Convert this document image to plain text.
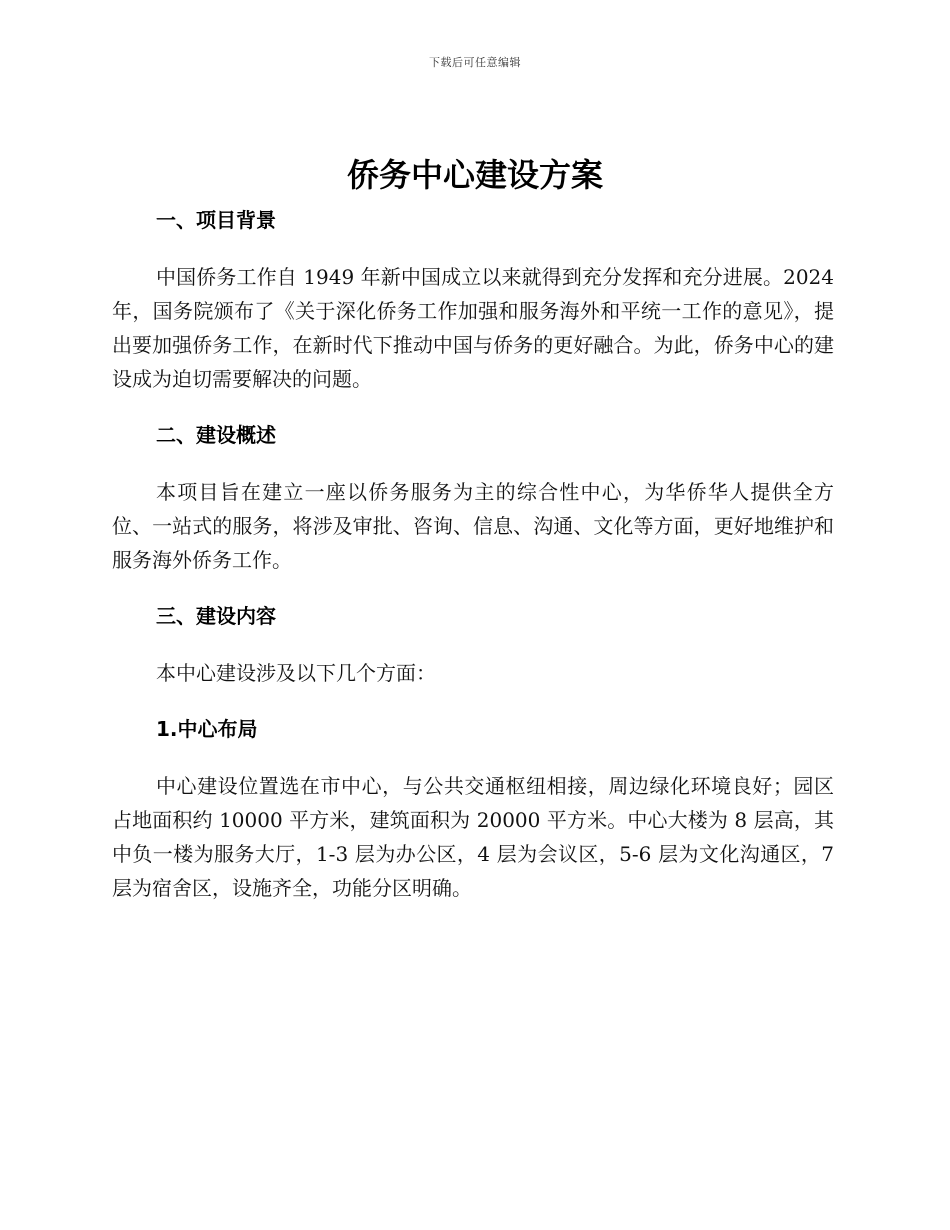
下载后可任意编辑
侨务中心建设方案
一、项目背景

中国侨务工作自 1949 年新中国成立以来就得到充分发挥和充分进展。2024 年，国务院颁布了《关于深化侨务工作加强和服务海外和平统一工作的意见》，提出要加强侨务工作，在新时代下推动中国与侨务的更好融合。为此，侨务中心的建设成为迫切需要解决的问题。

二、建设概述

本项目旨在建立一座以侨务服务为主的综合性中心，为华侨华人提供全方位、一站式的服务，将涉及审批、咨询、信息、沟通、文化等方面，更好地维护和服务海外侨务工作。

三、建设内容

本中心建设涉及以下几个方面：

1.中心布局

中心建设位置选在市中心，与公共交通枢纽相接，周边绿化环境良好；园区占地面积约 10000 平方米，建筑面积为 20000 平方米。中心大楼为 8 层高，其中负一楼为服务大厅，1-3 层为办公区，4 层为会议区，5-6 层为文化沟通区，7 层为宿舍区，设施齐全，功能分区明确。
